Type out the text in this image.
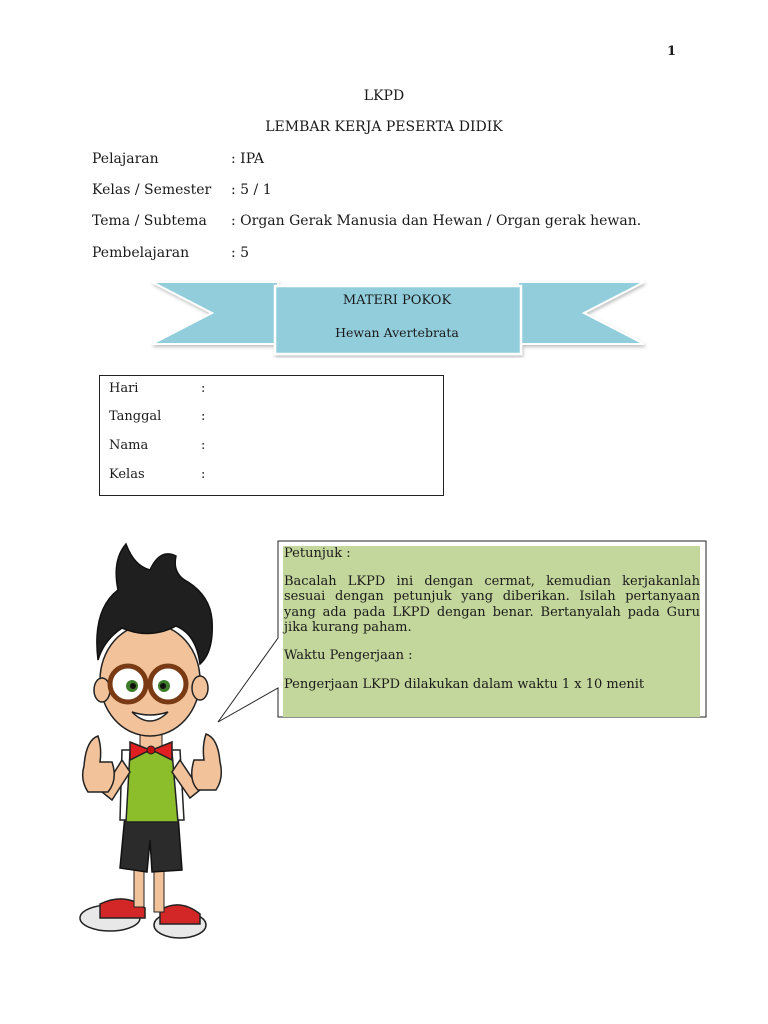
1
LKPD
LEMBAR KERJA PESERTA DIDIK
Pelajaran	: IPA
Kelas / Semester : 5 / 1
Tema / Subtema : Organ Gerak Manusia dan Hewan / Organ gerak hewan.
Pembelajaran	: 5
MATERI POKOK
Hewan Avertebrata
Hari	:
Tanggal	:
Nama	:
Kelas	:

Petunjuk :

Bacalah LKPD ini dengan cermat, kemudian kerjakanlah sesuai dengan petunjuk yang diberikan. Isilah pertanyaan yang ada pada LKPD dengan benar. Bertanyalah pada Guru jika kurang paham.

Waktu Pengerjaan :

Pengerjaan LKPD dilakukan dalam waktu 1 x 10 menit
